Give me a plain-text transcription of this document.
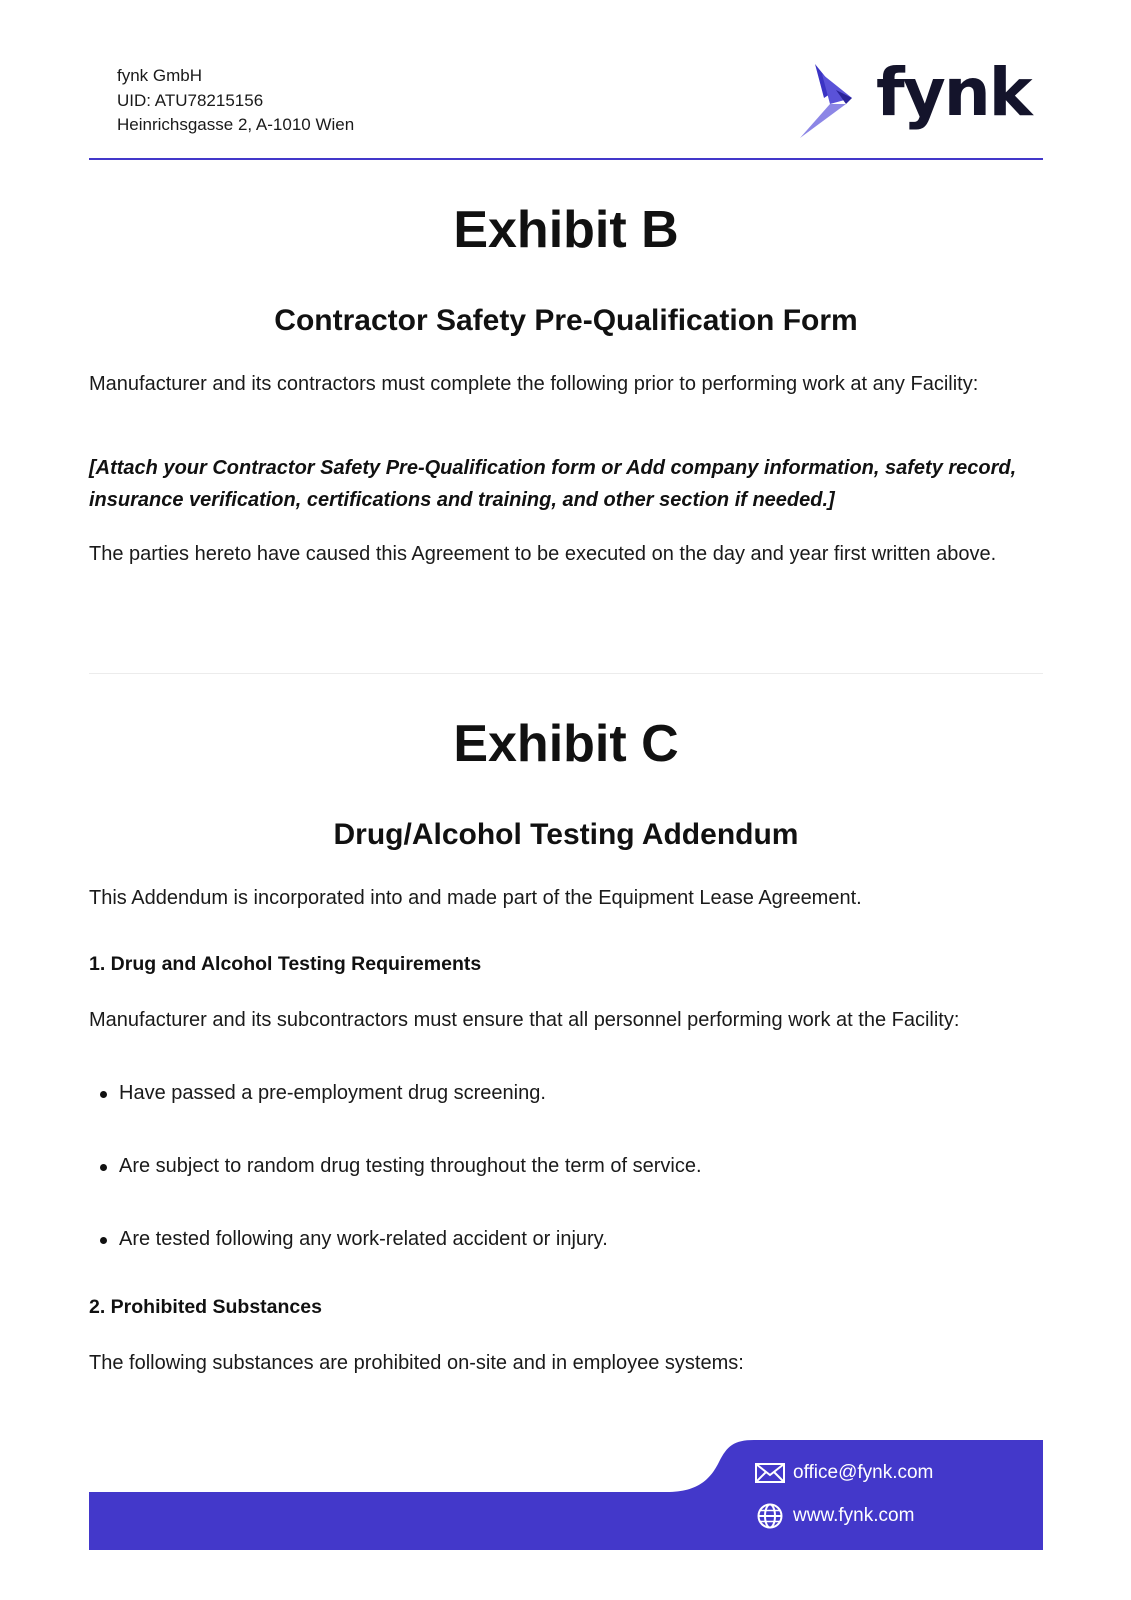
fynk GmbH
UID: ATU78215156
Heinrichsgasse 2, A-1010 Wien	fynk
Exhibit B
Contractor Safety Pre-Qualification Form
Manufacturer and its contractors must complete the following prior to performing work at any Facility:
[Attach your Contractor Safety Pre-Qualification form or Add company information, safety record, insurance verification, certifications and training, and other section if needed.]
The parties hereto have caused this Agreement to be executed on the day and year first written above.
Exhibit C
Drug/Alcohol Testing Addendum
This Addendum is incorporated into and made part of the Equipment Lease Agreement.
1. Drug and Alcohol Testing Requirements
Manufacturer and its subcontractors must ensure that all personnel performing work at the Facility:
Have passed a pre-employment drug screening.
Are subject to random drug testing throughout the term of service.
Are tested following any work-related accident or injury.
2. Prohibited Substances
The following substances are prohibited on-site and in employee systems:
office@fynk.com
www.fynk.com
